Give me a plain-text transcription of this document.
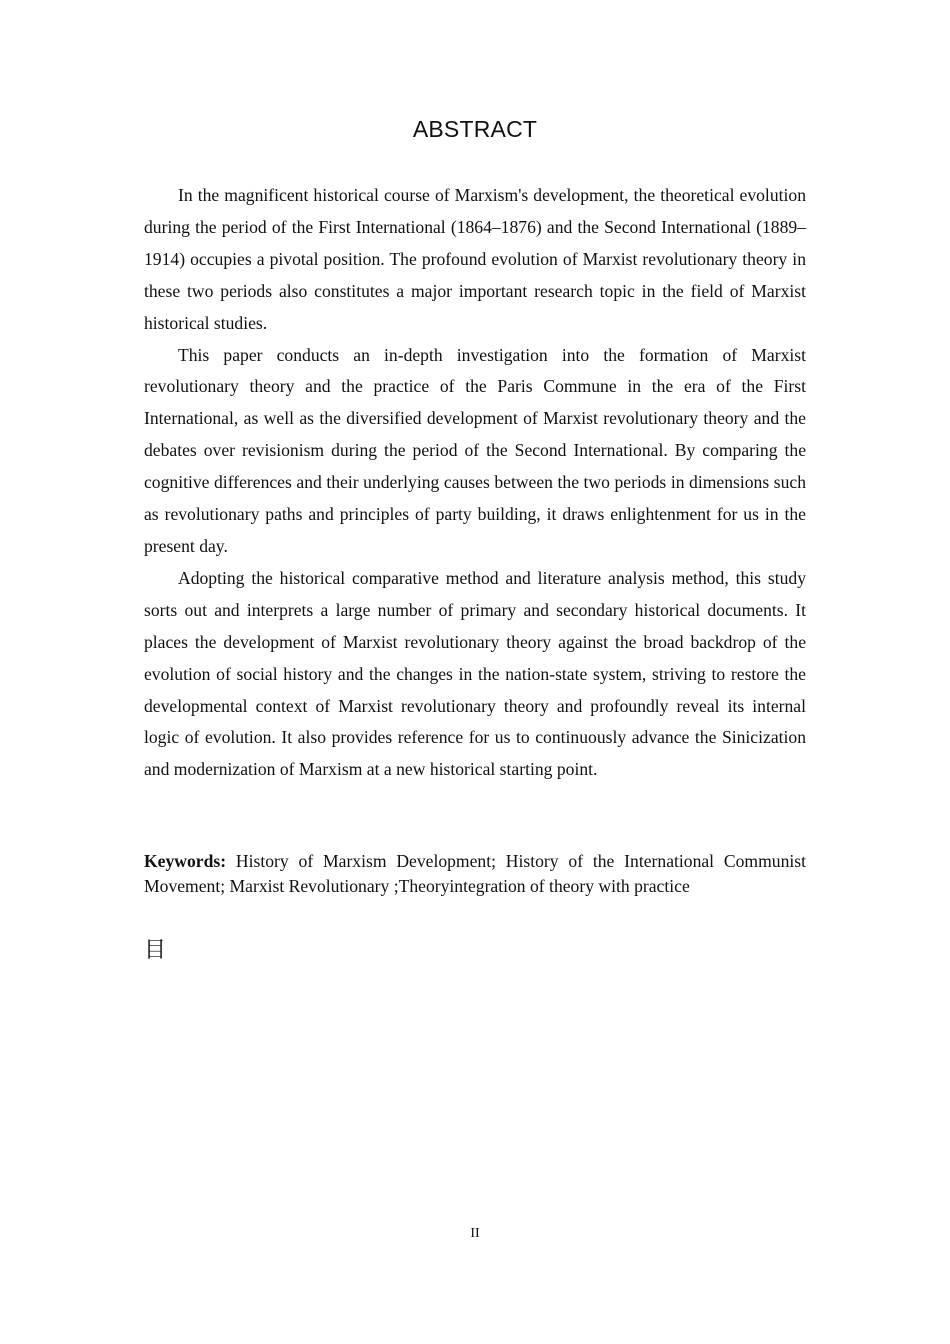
ABSTRACT

In the magnificent historical course of Marxism's development, the theoretical evolution during the period of the First International (1864–1876) and the Second International (1889–1914) occupies a pivotal position. The profound evolution of Marxist revolutionary theory in these two periods also constitutes a major important research topic in the field of Marxist historical studies.

This paper conducts an in-depth investigation into the formation of Marxist revolutionary theory and the practice of the Paris Commune in the era of the First International, as well as the diversified development of Marxist revolutionary theory and the debates over revisionism during the period of the Second International. By comparing the cognitive differences and their underlying causes between the two periods in dimensions such as revolutionary paths and principles of party building, it draws enlightenment for us in the present day.

Adopting the historical comparative method and literature analysis method, this study sorts out and interprets a large number of primary and secondary historical documents. It places the development of Marxist revolutionary theory against the broad backdrop of the evolution of social history and the changes in the nation-state system, striving to restore the developmental context of Marxist revolutionary theory and profoundly reveal its internal logic of evolution. It also provides reference for us to continuously advance the Sinicization and modernization of Marxism at a new historical starting point.

Keywords: History of Marxism Development; History of the International Communist Movement; Marxist Revolutionary ;Theoryintegration of theory with practice
目
II
